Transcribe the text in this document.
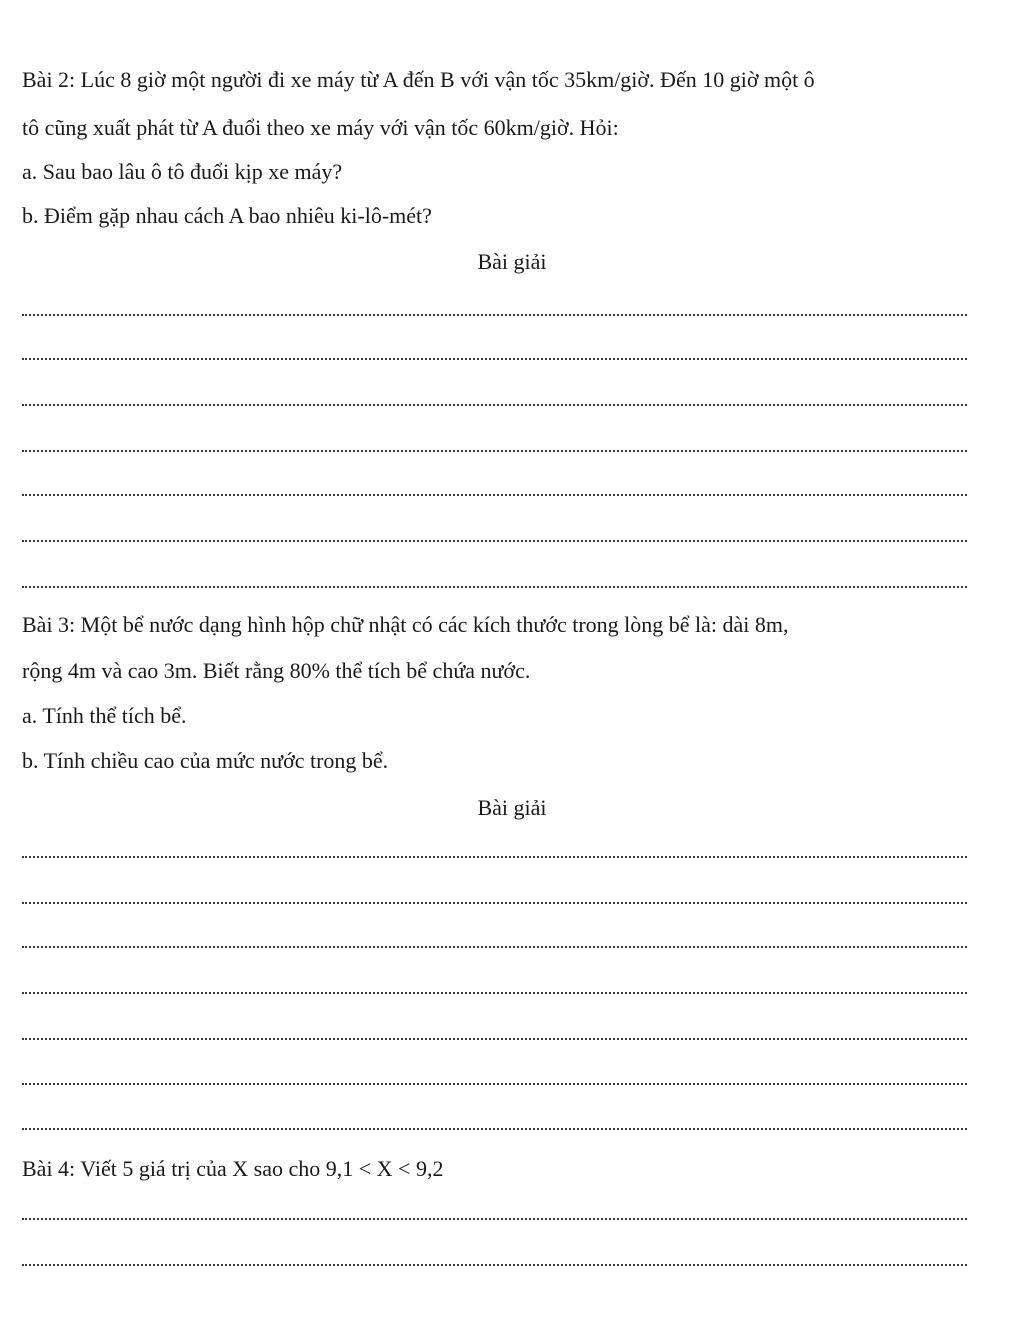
Bài 2: Lúc 8 giờ một người đi xe máy từ A đến B với vận tốc 35km/giờ. Đến 10 giờ một ô
tô cũng xuất phát từ A đuổi theo xe máy với vận tốc 60km/giờ. Hỏi:
a. Sau bao lâu ô tô đuổi kịp xe máy?
b. Điểm gặp nhau cách A bao nhiêu ki-lô-mét?
Bài giải
Bài 3: Một bể nước dạng hình hộp chữ nhật có các kích thước trong lòng bể là: dài 8m,
rộng 4m và cao 3m. Biết rằng 80% thể tích bể chứa nước.
a. Tính thể tích bể.
b. Tính chiều cao của mức nước trong bể.
Bài giải
Bài 4: Viết 5 giá trị của X sao cho 9,1 < X < 9,2
